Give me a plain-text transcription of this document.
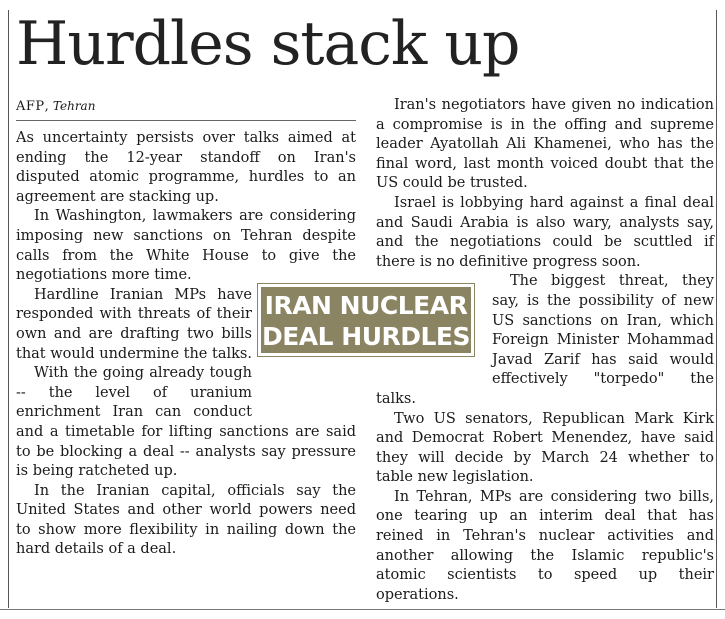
Hurdles stack up
AFP, Tehran

As uncertainty persists over talks aimed at ending the 12-year standoff on Iran's disputed atomic programme, hurdles to an agreement are stacking up.

In Washington, lawmakers are considering imposing new sanctions on Tehran despite calls from the White House to give the negotiations more time.

Hardline Iranian MPs have responded with threats of their own and are drafting two bills that would undermine the talks.

With the going already tough -- the level of uranium enrichment Iran can conduct and a timetable for lifting sanctions are said to be blocking a deal -- analysts say pressure is being ratcheted up.

In the Iranian capital, officials say the United States and other world powers need to show more flexibility in nailing down the hard details of a deal.

Iran's negotiators have given no indication a compromise is in the offing and supreme leader Ayatollah Ali Khamenei, who has the final word, last month voiced doubt that the US could be trusted.

Israel is lobbying hard against a final deal and Saudi Arabia is also wary, analysts say, and the negotiations could be scuttled if there is no definitive progress soon.

The biggest threat, they say, is the possibility of new US sanctions on Iran, which Foreign Minister Mohammad Javad Zarif has said would effectively "torpedo" the talks.

Two US senators, Republican Mark Kirk and Democrat Robert Menendez, have said they will decide by March 24 whether to table new legislation.

In Tehran, MPs are considering two bills, one tearing up an interim deal that has reined in Tehran's nuclear activities and another allowing the Islamic republic's atomic scientists to speed up their operations.

IRAN NUCLEAR
DEAL HURDLES
